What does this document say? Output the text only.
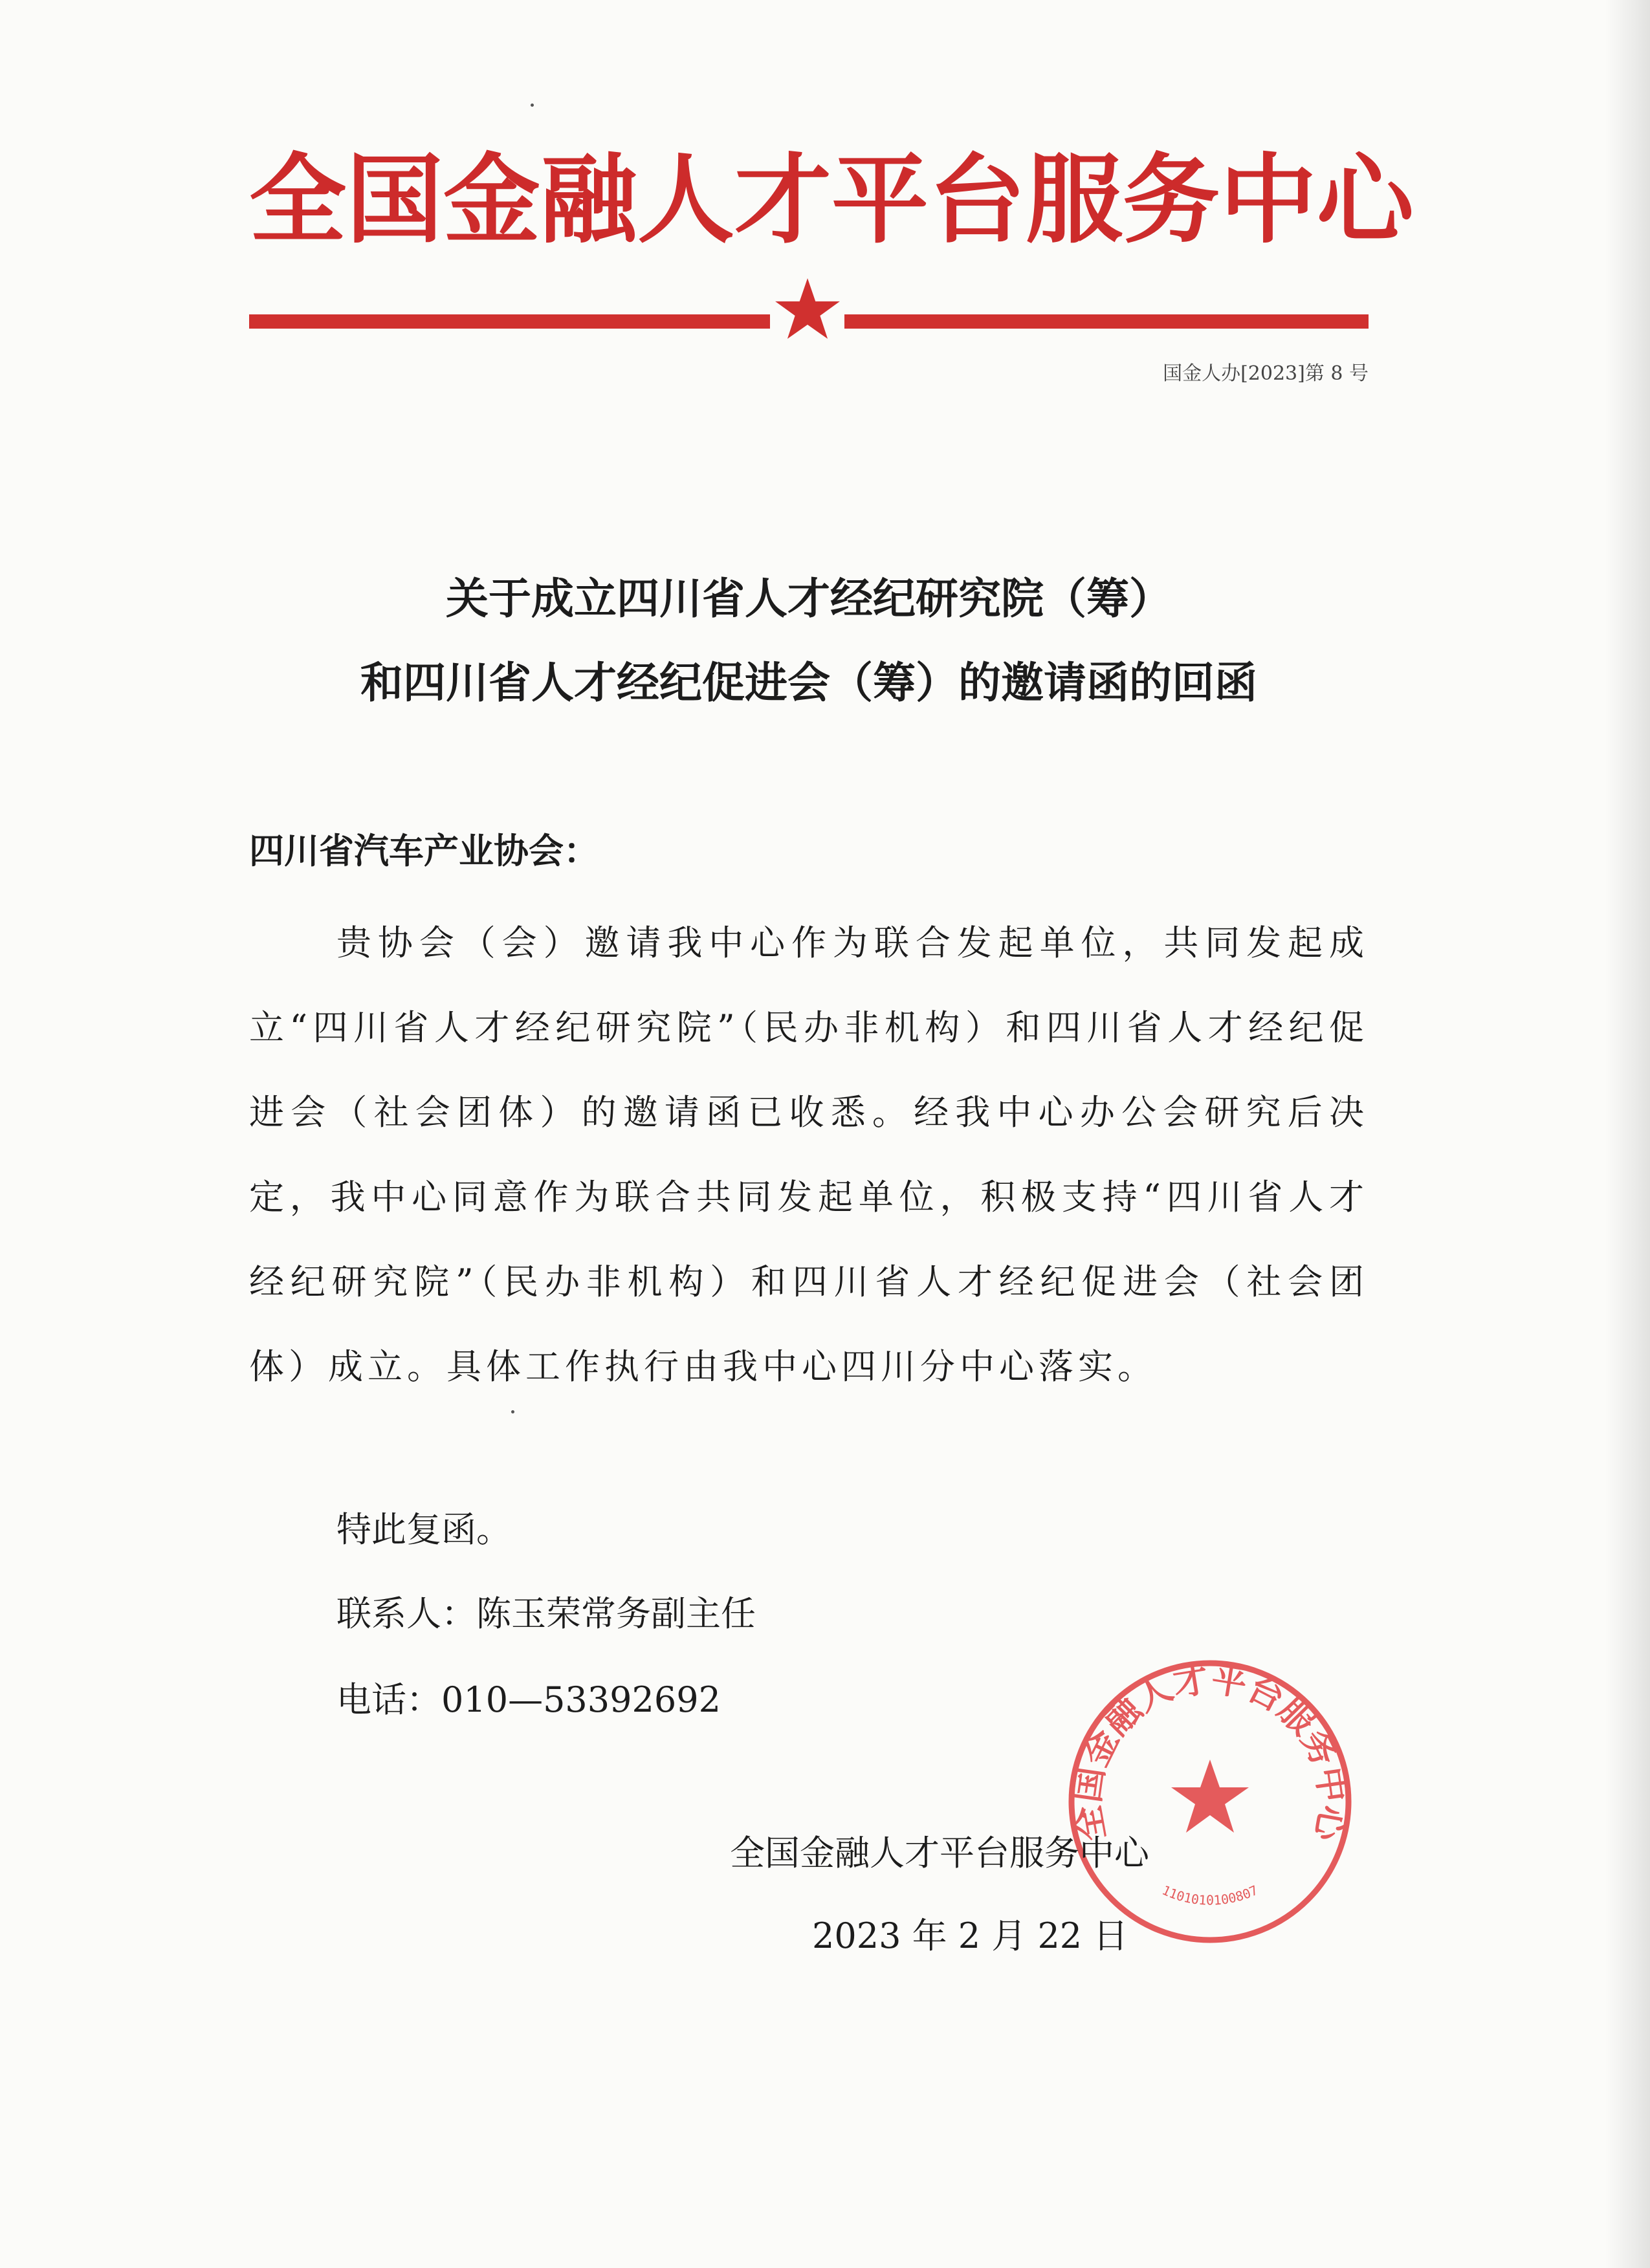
全国金融人才平台服务中心
国金人办[2023]第 8 号
关于成立四川省人才经纪研究院（筹）
和四川省人才经纪促进会（筹）的邀请函的回函
四川省汽车产业协会：
贵协会（会）邀请我中心作为联合发起单位，共同发起成立“四川省人才经纪研究院”（民办非机构）和四川省人才经纪促进会（社会团体）的邀请函已收悉。经我中心办公会研究后决定，我中心同意作为联合共同发起单位，积极支持“四川省人才经纪研究院”（民办非机构）和四川省人才经纪促进会（社会团体）成立。具体工作执行由我中心四川分中心落实。
特此复函。
联系人：陈玉荣常务副主任
电话：010—53392692
全国金融人才平台服务中心
1101010100807
全国金融人才平台服务中心
2023 年 2 月 22 日
